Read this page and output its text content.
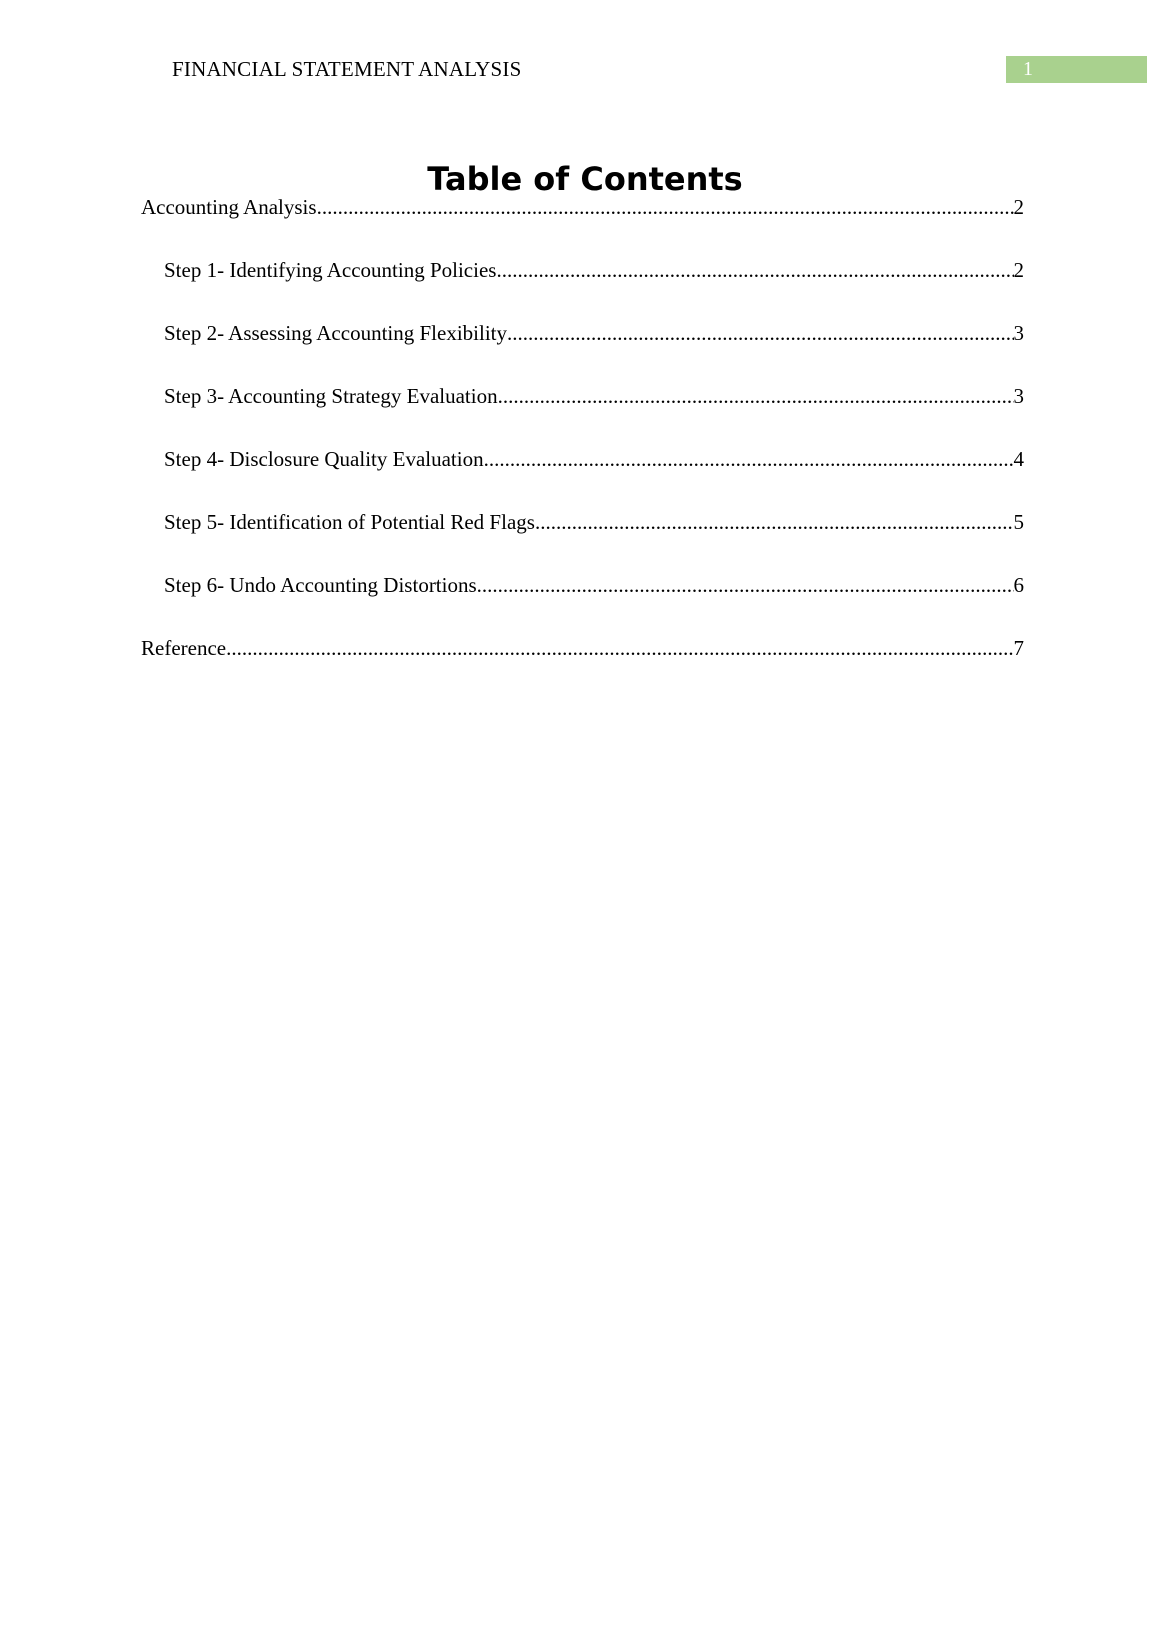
FINANCIAL STATEMENT ANALYSIS	1
Table of Contents
Accounting Analysis .....	2
Step 1- Identifying Accounting Policies .....	2
Step 2- Assessing Accounting Flexibility .....	3
Step 3- Accounting Strategy Evaluation .....	3
Step 4- Disclosure Quality Evaluation .....	4
Step 5- Identification of Potential Red Flags .....	5
Step 6- Undo Accounting Distortions .....	6
Reference .....	7
